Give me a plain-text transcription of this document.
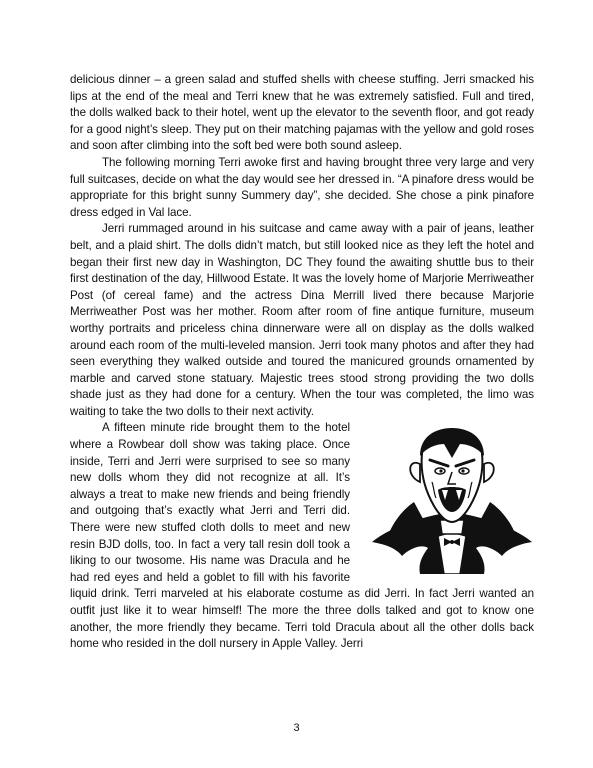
delicious dinner – a green salad and stuffed shells with cheese stuffing. Jerri smacked his lips at the end of the meal and Terri knew that he was extremely satisfied. Full and tired, the dolls walked back to their hotel, went up the elevator to the seventh floor, and got ready for a good night’s sleep. They put on their matching pajamas with the yellow and gold roses and soon after climbing into the soft bed were both sound asleep.

The following morning Terri awoke first and having brought three very large and very full suitcases, decide on what the day would see her dressed in. “A pinafore dress would be appropriate for this bright sunny Summery day”, she decided. She chose a pink pinafore dress edged in Val lace.

Jerri rummaged around in his suitcase and came away with a pair of jeans, leather belt, and a plaid shirt. The dolls didn’t match, but still looked nice as they left the hotel and began their first new day in Washington, DC They found the awaiting shuttle bus to their first destination of the day, Hillwood Estate. It was the lovely home of Marjorie Merriweather Post (of cereal fame) and the actress Dina Merrill lived there because Marjorie Merriweather Post was her mother. Room after room of fine antique furniture, museum worthy portraits and priceless china dinnerware were all on display as the dolls walked around each room of the multi-leveled mansion. Jerri took many photos and after they had seen everything they walked outside and toured the manicured grounds ornamented by marble and carved stone statuary. Majestic trees stood strong providing the two dolls shade just as they had done for a century. When the tour was completed, the limo was waiting to take the two dolls to their next activity.

A fifteen minute ride brought them to the hotel where a Rowbear doll show was taking place. Once inside, Terri and Jerri were surprised to see so many new dolls whom they did not recognize at all. It’s always a treat to make new friends and being friendly and outgoing that’s exactly what Jerri and Terri did. There were new stuffed cloth dolls to meet and new resin BJD dolls, too. In fact a very tall resin doll took a liking to our twosome. His name was Dracula and he had red eyes and held a goblet to fill with his favorite liquid drink. Terri marveled at his elaborate costume as did Jerri. In fact Jerri wanted an outfit just like it to wear himself! The more the three dolls talked and got to know one another, the more friendly they became. Terri told Dracula about all the other dolls back home who resided in the doll nursery in Apple Valley. Jerri

3
